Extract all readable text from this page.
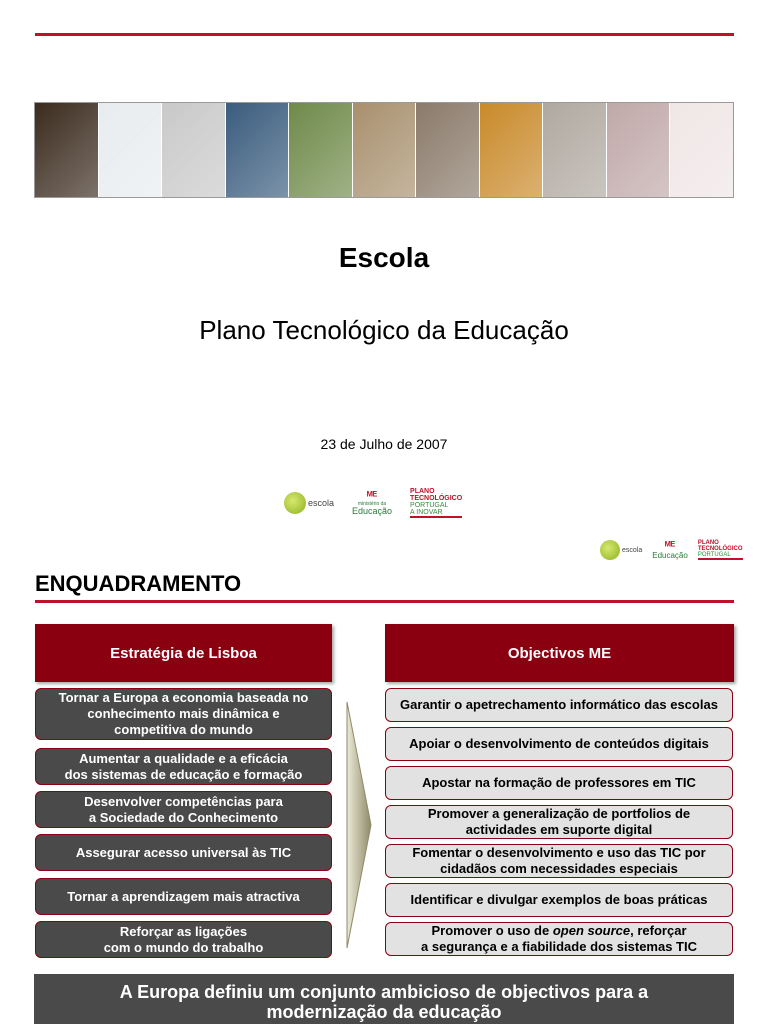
Escola
Plano Tecnológico da Educação
23 de Julho de 2007
escola
ᴹᴱ
ministério da
Educação
PLANO
TECNOLÓGICO
PORTUGAL
A INOVAR
escola ᴹᴱ
Educação
PLANO
TECNOLÓGICO
PORTUGAL
ENQUADRAMENTO
Estratégia de Lisboa	Objectivos ME
Tornar a Europa a economia baseada no
conhecimento mais dinâmica e
competitiva do mundo
Aumentar a qualidade e a eficácia
dos sistemas de educação e formação
Desenvolver competências para
a Sociedade do Conhecimento
Assegurar acesso universal às TIC
Tornar a aprendizagem mais atractiva
Reforçar as ligações
com o mundo do trabalho
Garantir o apetrechamento informático das escolas
Apoiar o desenvolvimento de conteúdos digitais
Apostar na formação de professores em TIC
Promover a generalização de portfolios de
actividades em suporte digital
Fomentar o desenvolvimento e uso das TIC por
cidadãos com necessidades especiais
Identificar e divulgar exemplos de boas práticas
Promover o uso de open source, reforçar
a segurança e a fiabilidade dos sistemas TIC
A Europa definiu um conjunto ambicioso de objectivos para a
modernização da educação
